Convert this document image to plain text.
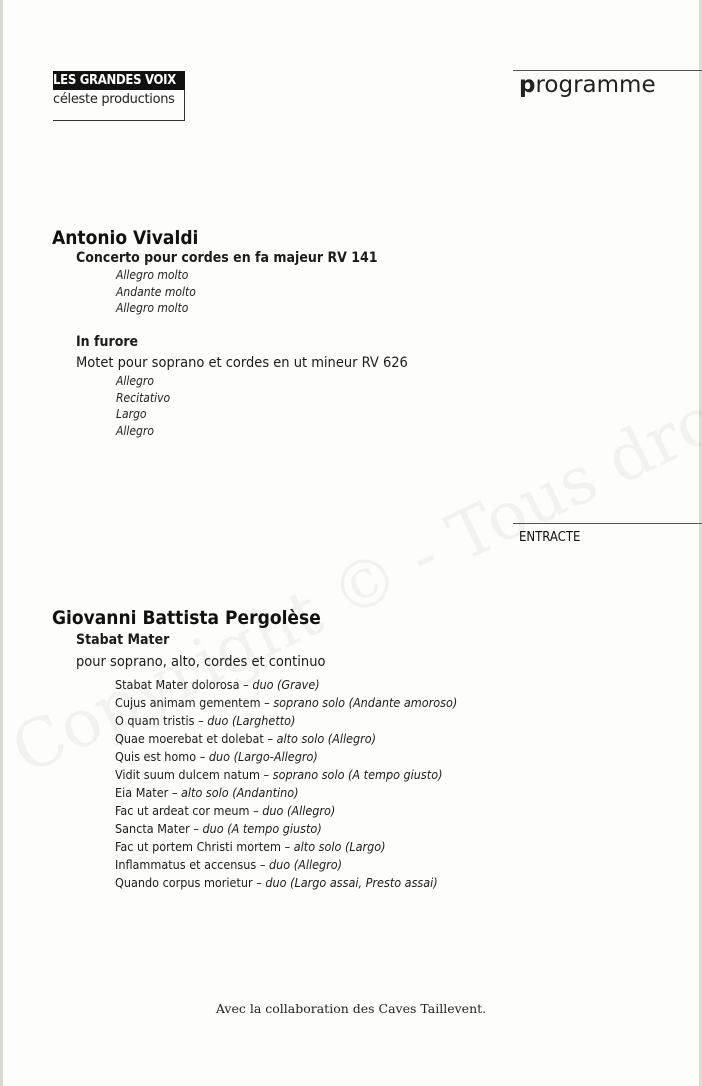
LES GRANDES VOIX
céleste productions
programme
Antonio Vivaldi
Concerto pour cordes en fa majeur RV 141
Allegro molto
Andante molto
Allegro molto
In furore
Motet pour soprano et cordes en ut mineur RV 626
Allegro
Recitativo
Largo
Allegro
ENTRACTE
Giovanni Battista Pergolèse
Stabat Mater
pour soprano, alto, cordes et continuo
Stabat Mater dolorosa – duo (Grave)
Cujus animam gementem – soprano solo (Andante amoroso)
O quam tristis – duo (Larghetto)
Quae moerebat et dolebat – alto solo (Allegro)
Quis est homo – duo (Largo-Allegro)
Vidit suum dulcem natum – soprano solo (A tempo giusto)
Eia Mater – alto solo (Andantino)
Fac ut ardeat cor meum – duo (Allegro)
Sancta Mater – duo (A tempo giusto)
Fac ut portem Christi mortem – alto solo (Largo)
Inflammatus et accensus – duo (Allegro)
Quando corpus morietur – duo (Largo assai, Presto assai)
Avec la collaboration des Caves Taillevent.
